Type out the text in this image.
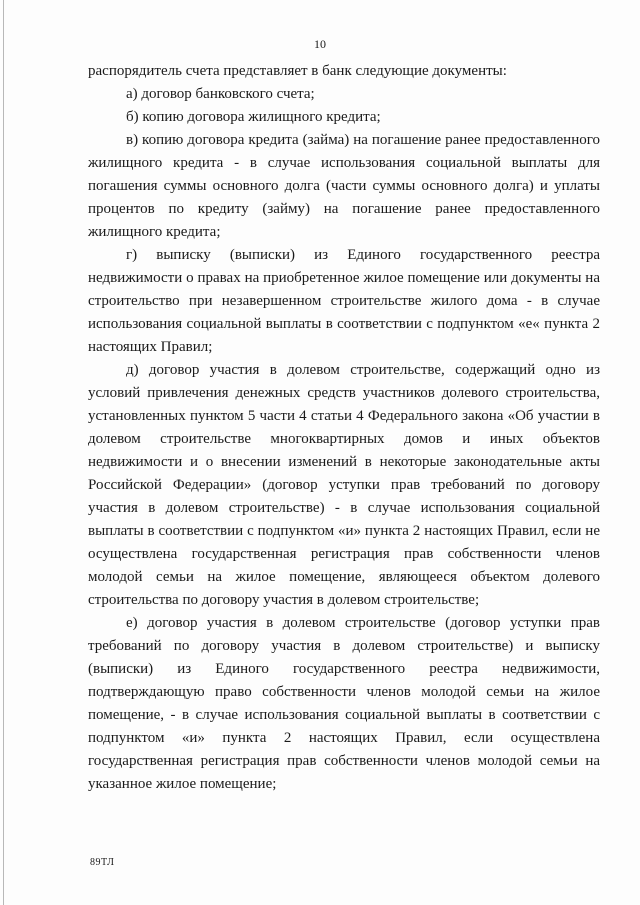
10

распорядитель счета представляет в банк следующие документы:

а) договор банковского счета;

б) копию договора жилищного кредита;

в) копию договора кредита (займа) на погашение ранее предоставленного жилищного кредита - в случае использования социальной выплаты для погашения суммы основного долга (части суммы основного долга) и уплаты процентов по кредиту (займу) на погашение ранее предоставленного жилищного кредита;

г) выписку (выписки) из Единого государственного реестра недвижимости о правах на приобретенное жилое помещение или документы на строительство при незавершенном строительстве жилого дома - в случае использования социальной выплаты в соответствии с подпунктом «е« пункта 2 настоящих Правил;

д) договор участия в долевом строительстве, содержащий одно из условий привлечения денежных средств участников долевого строительства, установленных пунктом 5 части 4 статьи 4 Федерального закона «Об участии в долевом строительстве многоквартирных домов и иных объектов недвижимости и о внесении изменений в некоторые законодательные акты Российской Федерации» (договор уступки прав требований по договору участия в долевом строительстве) - в случае использования социальной выплаты в соответствии с подпунктом «и» пункта 2 настоящих Правил, если не осуществлена государственная регистрация прав собственности членов молодой семьи на жилое помещение, являющееся объектом долевого строительства по договору участия в долевом строительстве;

е) договор участия в долевом строительстве (договор уступки прав требований по договору участия в долевом строительстве) и выписку (выписки) из Единого государственного реестра недвижимости, подтверждающую право собственности членов молодой семьи на жилое помещение, - в случае использования социальной выплаты в соответствии с подпунктом «и» пункта 2 настоящих Правил, если осуществлена государственная регистрация прав собственности членов молодой семьи на указанное жилое помещение;

89ТЛ
